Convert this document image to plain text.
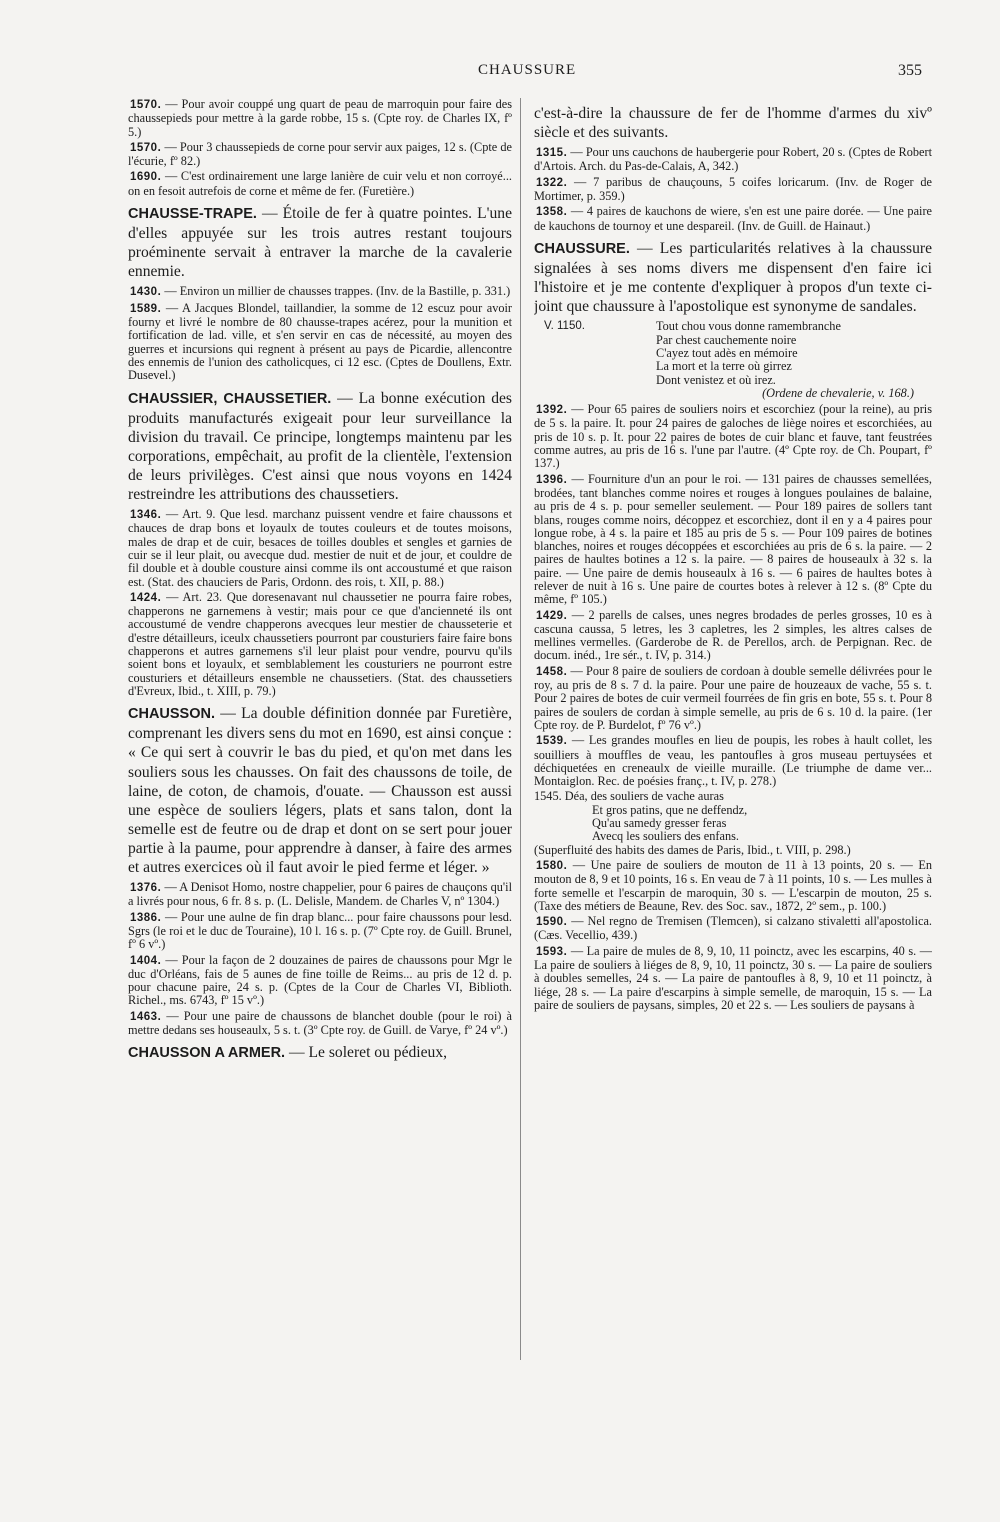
CHAUSSURE	355

1570. — Pour avoir couppé ung quart de peau de marroquin pour faire des chaussepieds pour mettre à la garde robbe, 15 s. (Cpte roy. de Charles IX, fº 5.)

1570. — Pour 3 chaussepieds de corne pour servir aux paiges, 12 s. (Cpte de l'écurie, fº 82.)

1690. — C'est ordinairement une large lanière de cuir velu et non corroyé... on en fesoit autrefois de corne et même de fer. (Furetière.)

CHAUSSE-TRAPE. — Étoile de fer à quatre pointes. L'une d'elles appuyée sur les trois autres restant toujours proéminente servait à entraver la marche de la cavalerie ennemie.

1430. — Environ un millier de chausses trappes. (Inv. de la Bastille, p. 331.)

1589. — A Jacques Blondel, taillandier, la somme de 12 escuz pour avoir fourny et livré le nombre de 80 chausse-trapes acérez, pour la munition et fortification de lad. ville, et s'en servir en cas de nécessité, au moyen des guerres et incursions qui regnent à présent au pays de Picardie, allencontre des ennemis de l'union des catholicques, ci 12 esc. (Cptes de Doullens, Extr. Dusevel.)

CHAUSSIER, CHAUSSETIER. — La bonne exécution des produits manufacturés exigeait pour leur surveillance la division du travail. Ce principe, longtemps maintenu par les corporations, empêchait, au profit de la clientèle, l'extension de leurs privilèges. C'est ainsi que nous voyons en 1424 restreindre les attributions des chaussetiers.

1346. — Art. 9. Que lesd. marchanz puissent vendre et faire chaussons et chauces de drap bons et loyaulx de toutes couleurs et de toutes moisons, males de drap et de cuir, besaces de toilles doubles et sengles et garnies de cuir se il leur plait, ou avecque dud. mestier de nuit et de jour, et couldre de fil double et à double cousture ainsi comme ils ont accoustumé et que raison est. (Stat. des chauciers de Paris, Ordonn. des rois, t. XII, p. 88.)

1424. — Art. 23. Que doresenavant nul chaussetier ne pourra faire robes, chapperons ne garnemens à vestir; mais pour ce que d'ancienneté ils ont accoustumé de vendre chapperons avecques leur mestier de chausseterie et d'estre détailleurs, iceulx chaussetiers pourront par cousturiers faire faire bons chapperons et autres garnemens s'il leur plaist pour vendre, pourvu qu'ils soient bons et loyaulx, et semblablement les cousturiers ne pourront estre cousturiers et détailleurs ensemble ne chaussetiers. (Stat. des chaussetiers d'Evreux, Ibid., t. XIII, p. 79.)

CHAUSSON. — La double définition donnée par Furetière, comprenant les divers sens du mot en 1690, est ainsi conçue : « Ce qui sert à couvrir le bas du pied, et qu'on met dans les souliers sous les chausses. On fait des chaussons de toile, de laine, de coton, de chamois, d'ouate. — Chausson est aussi une espèce de souliers légers, plats et sans talon, dont la semelle est de feutre ou de drap et dont on se sert pour jouer partie à la paume, pour apprendre à danser, à faire des armes et autres exercices où il faut avoir le pied ferme et léger. »

1376. — A Denisot Homo, nostre chappelier, pour 6 paires de chauçons qu'il a livrés pour nous, 6 fr. 8 s. p. (L. Delisle, Mandem. de Charles V, nº 1304.)

1386. — Pour une aulne de fin drap blanc... pour faire chaussons pour lesd. Sgrs (le roi et le duc de Touraine), 10 l. 16 s. p. (7º Cpte roy. de Guill. Brunel, fº 6 vº.)

1404. — Pour la façon de 2 douzaines de paires de chaussons pour Mgr le duc d'Orléans, fais de 5 aunes de fine toille de Reims... au pris de 12 d. p. pour chacune paire, 24 s. p. (Cptes de la Cour de Charles VI, Biblioth. Richel., ms. 6743, fº 15 vº.)

1463. — Pour une paire de chaussons de blanchet double (pour le roi) à mettre dedans ses houseaulx, 5 s. t. (3º Cpte roy. de Guill. de Varye, fº 24 vº.)

CHAUSSON A ARMER. — Le soleret ou pédieux,

c'est-à-dire la chaussure de fer de l'homme d'armes du xivº siècle et des suivants.

1315. — Pour uns cauchons de haubergerie pour Robert, 20 s. (Cptes de Robert d'Artois. Arch. du Pas-de-Calais, A, 342.)

1322. — 7 paribus de chauçouns, 5 coifes loricarum. (Inv. de Roger de Mortimer, p. 359.)

1358. — 4 paires de kauchons de wiere, s'en est une paire dorée. — Une paire de kauchons de tournoy et une despareil. (Inv. de Guill. de Hainaut.)

CHAUSSURE. — Les particularités relatives à la chaussure signalées à ses noms divers me dispensent d'en faire ici l'histoire et je me contente d'expliquer à propos d'un texte ci-joint que chaussure à l'apostolique est synonyme de sandales.

V. 1150.	Tout chou vous donne ramembranche
Par chest cauchemente noire
C'ayez tout adès en mémoire
La mort et la terre où girrez
Dont venistez et où irez.
(Ordene de chevalerie, v. 168.)

1392. — Pour 65 paires de souliers noirs et escorchiez (pour la reine), au pris de 5 s. la paire. It. pour 24 paires de galoches de liège noires et escorchiées, au pris de 10 s. p. It. pour 22 paires de botes de cuir blanc et fauve, tant feustrées comme autres, au pris de 16 s. l'une par l'autre. (4º Cpte roy. de Ch. Poupart, fº 137.)

1396. — Fourniture d'un an pour le roi. — 131 paires de chausses semellées, brodées, tant blanches comme noires et rouges à longues poulaines de balaine, au pris de 4 s. p. pour semeller seulement. — Pour 189 paires de sollers tant blans, rouges comme noirs, décoppez et escorchiez, dont il en y a 4 paires pour longue robe, à 4 s. la paire et 185 au pris de 5 s. — Pour 109 paires de botines blanches, noires et rouges décoppées et escorchiées au pris de 6 s. la paire. — 2 paires de haultes botines a 12 s. la paire. — 8 paires de houseaulx à 32 s. la paire. — Une paire de demis houseaulx à 16 s. — 6 paires de haultes botes à relever de nuit à 16 s. Une paire de courtes botes à relever à 12 s. (8º Cpte du même, fº 105.)

1429. — 2 parells de calses, unes negres brodades de perles grosses, 10 es à cascuna caussa, 5 letres, les 3 capletres, les 2 simples, les altres calses de mellines vermelles. (Garderobe de R. de Perellos, arch. de Perpignan. Rec. de docum. inéd., 1re sér., t. IV, p. 314.)

1458. — Pour 8 paire de souliers de cordoan à double semelle délivrées pour le roy, au pris de 8 s. 7 d. la paire. Pour une paire de houzeaux de vache, 55 s. t. Pour 2 paires de botes de cuir vermeil fourrées de fin gris en bote, 55 s. t. Pour 8 paires de soulers de cordan à simple semelle, au pris de 6 s. 10 d. la paire. (1er Cpte roy. de P. Burdelot, fº 76 vº.)

1539. — Les grandes moufles en lieu de poupis, les robes à hault collet, les souilliers à mouffles de veau, les pantoufles à gros museau pertuysées et déchiquetées en creneaulx de vieille muraille. (Le triumphe de dame ver... Montaiglon. Rec. de poésies franç., t. IV, p. 278.)

1545. Déa, des souliers de vache auras
Et gros patins, que ne deffendz,
Qu'au samedy gresser feras
Avecq les souliers des enfans.

(Superfluité des habits des dames de Paris, Ibid., t. VIII, p. 298.)

1580. — Une paire de souliers de mouton de 11 à 13 points, 20 s. — En mouton de 8, 9 et 10 points, 16 s. En veau de 7 à 11 points, 10 s. — Les mulles à forte semelle et l'escarpin de maroquin, 30 s. — L'escarpin de mouton, 25 s. (Taxe des métiers de Beaune, Rev. des Soc. sav., 1872, 2º sem., p. 100.)

1590. — Nel regno de Tremisen (Tlemcen), si calzano stivaletti all'apostolica. (Cæs. Vecellio, 439.)

1593. — La paire de mules de 8, 9, 10, 11 poinctz, avec les escarpins, 40 s. — La paire de souliers à liéges de 8, 9, 10, 11 poinctz, 30 s. — La paire de souliers à doubles semelles, 24 s. — La paire de pantoufles à 8, 9, 10 et 11 poinctz, à liége, 28 s. — La paire d'escarpins à simple semelle, de maroquin, 15 s. — La paire de souliers de paysans, simples, 20 et 22 s. — Les souliers de paysans à
